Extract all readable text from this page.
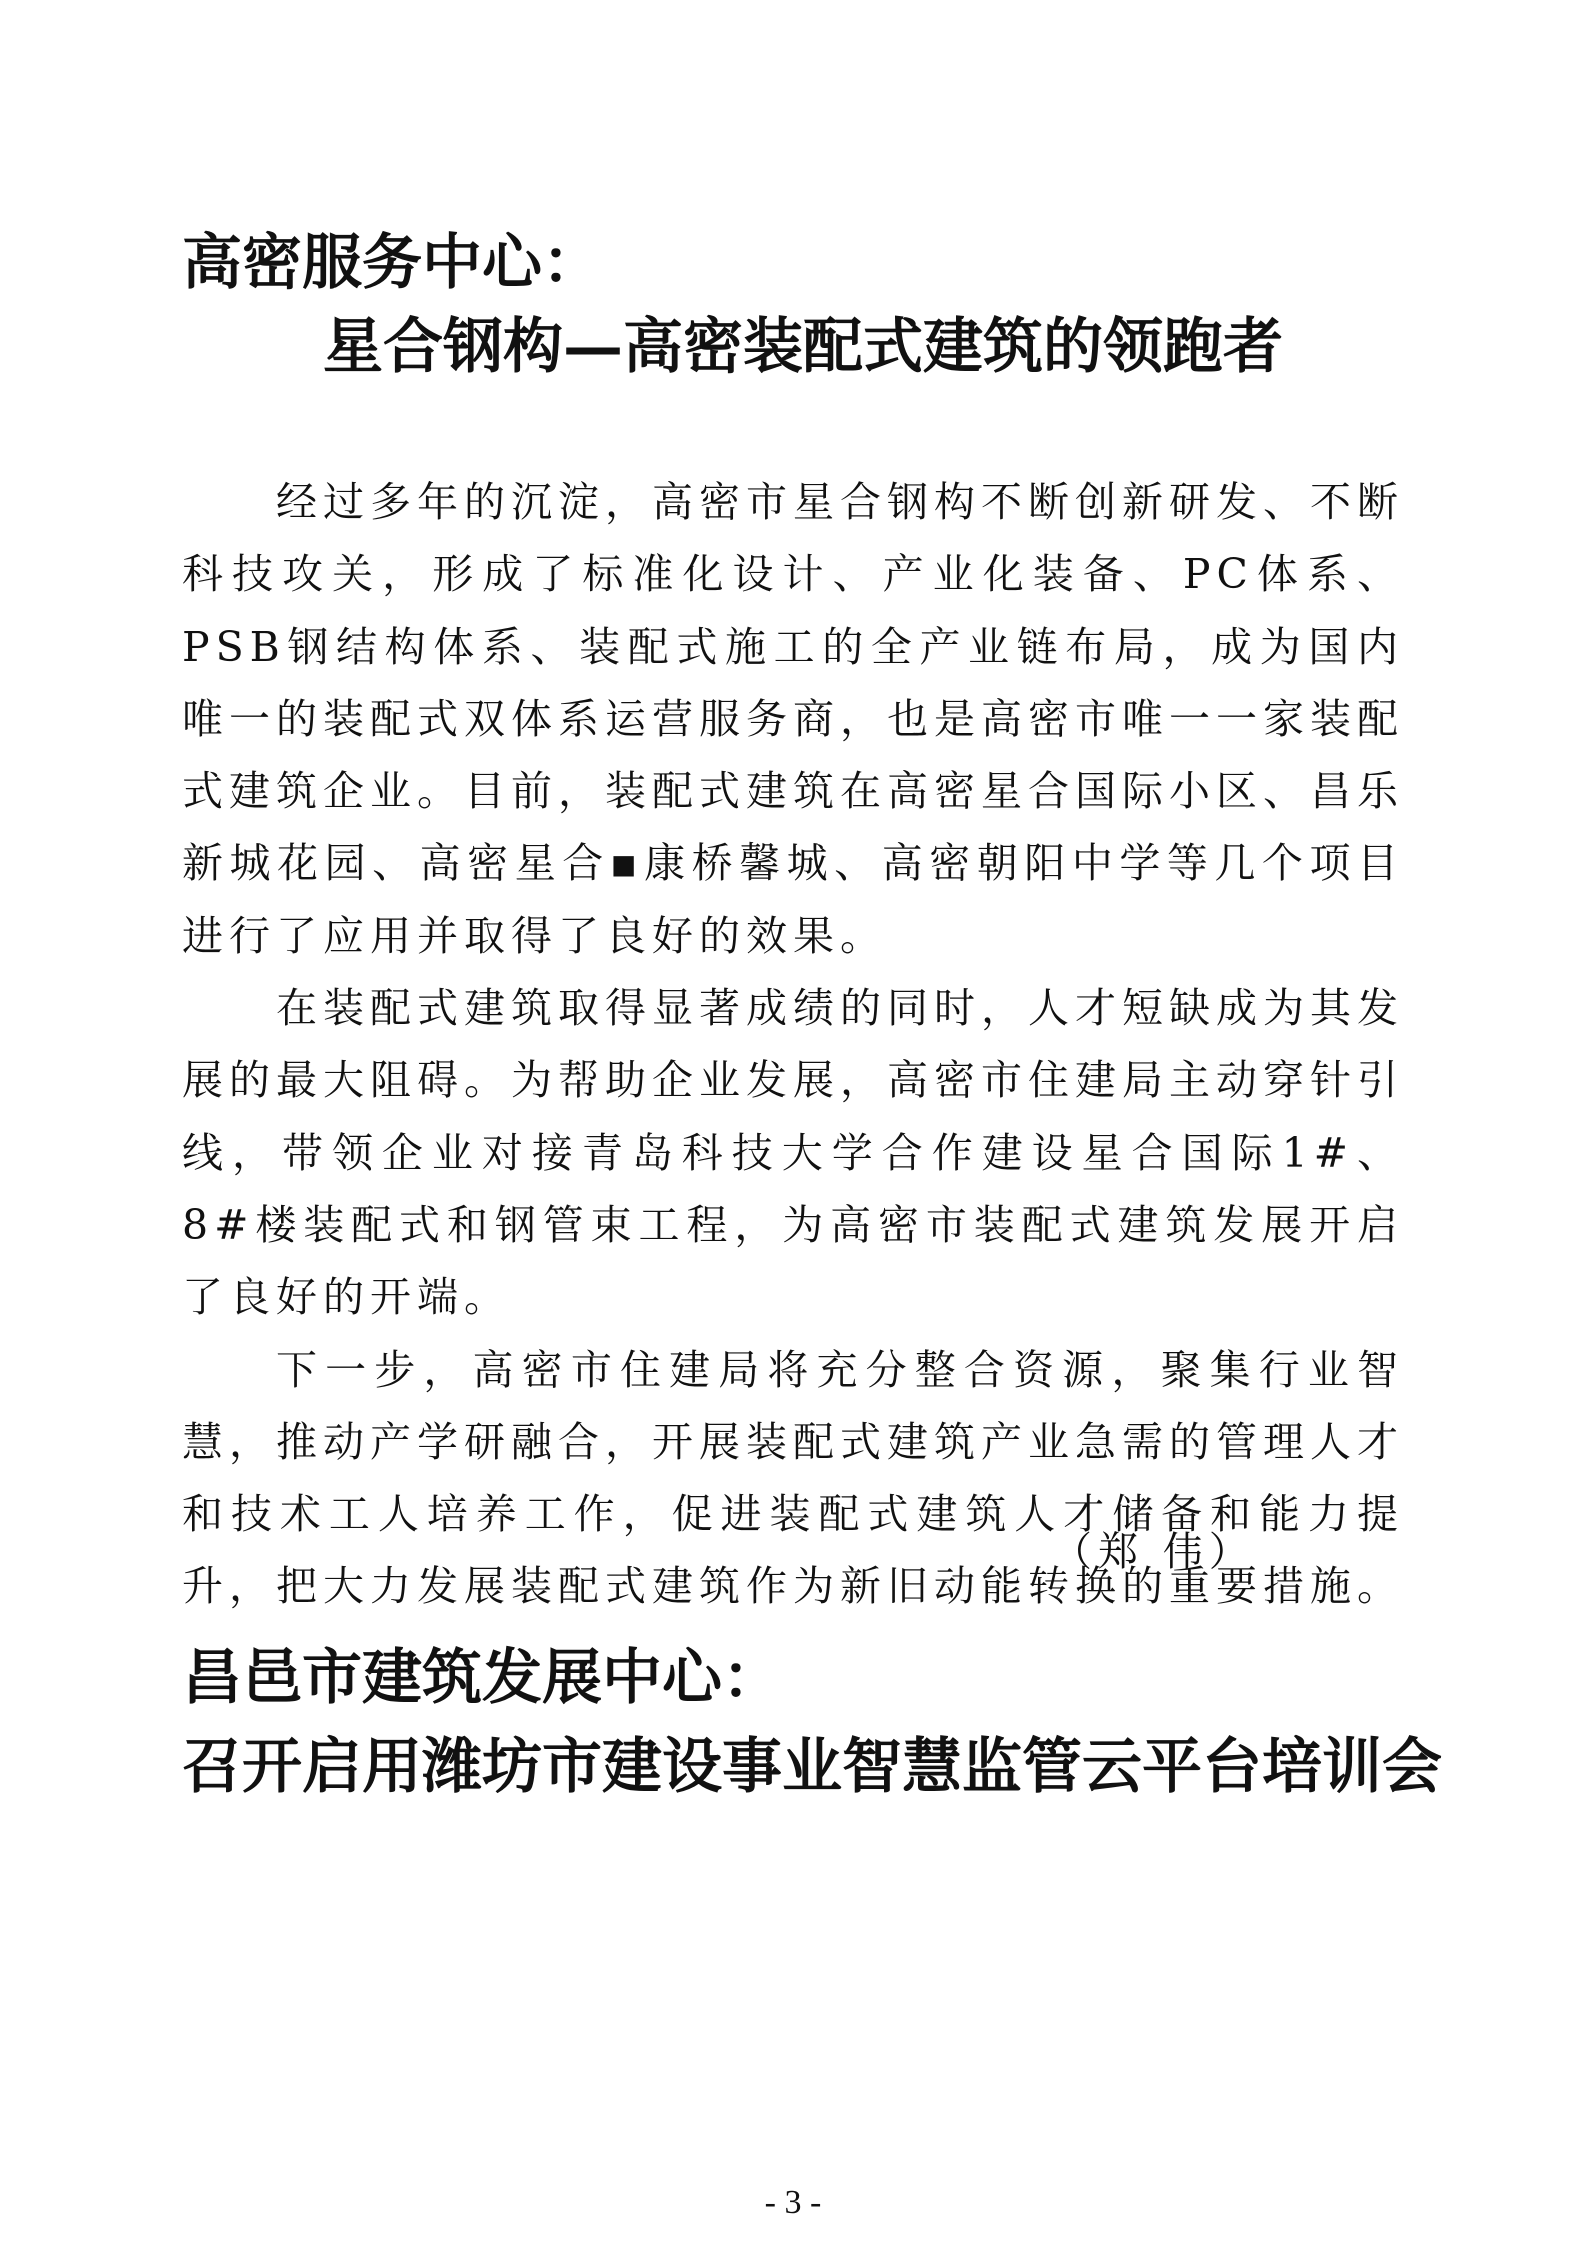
高密服务中心：
星合钢构—高密装配式建筑的领跑者

经过多年的沉淀，高密市星合钢构不断创新研发、不断科技攻关，形成了标准化设计、产业化装备、PC体系、PSB钢结构体系、装配式施工的全产业链布局，成为国内唯一的装配式双体系运营服务商，也是高密市唯一一家装配式建筑企业。目前，装配式建筑在高密星合国际小区、昌乐新城花园、高密星合▪康桥馨城、高密朝阳中学等几个项目进行了应用并取得了良好的效果。

在装配式建筑取得显著成绩的同时，人才短缺成为其发展的最大阻碍。为帮助企业发展，高密市住建局主动穿针引线，带领企业对接青岛科技大学合作建设星合国际1#、8#楼装配式和钢管束工程，为高密市装配式建筑发展开启了良好的开端。

下一步，高密市住建局将充分整合资源，聚集行业智慧，推动产学研融合，开展装配式建筑产业急需的管理人才和技术工人培养工作，促进装配式建筑人才储备和能力提升，把大力发展装配式建筑作为新旧动能转换的重要措施。

（郑 伟）

昌邑市建筑发展中心：
召开启用潍坊市建设事业智慧监管云平台培训会

- 3 -
